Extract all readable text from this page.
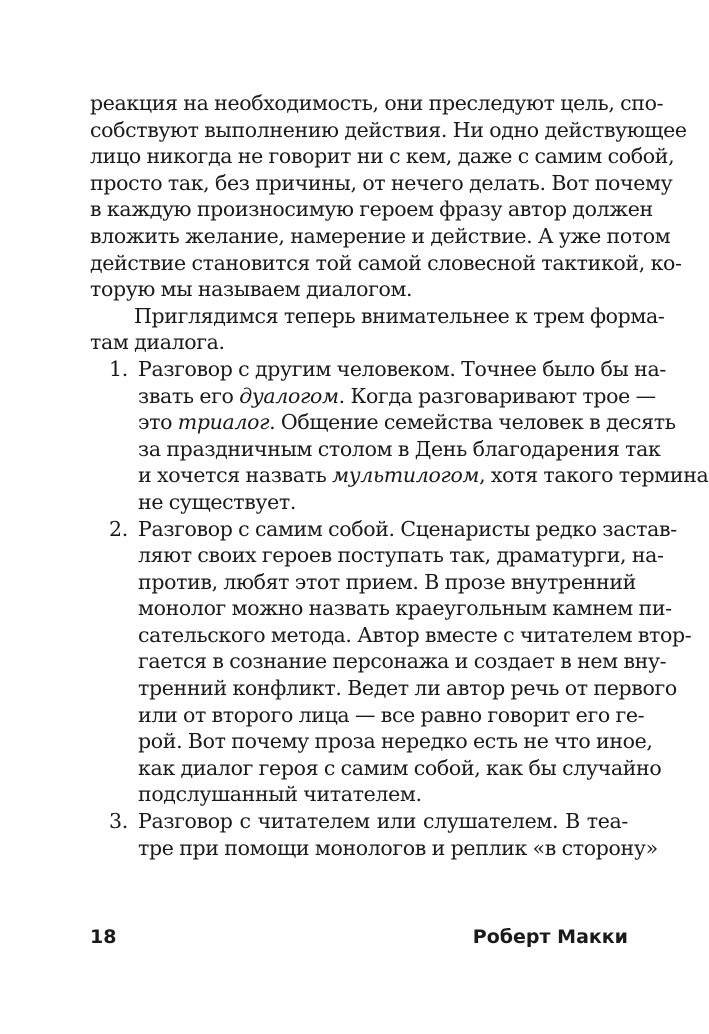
реакция на необходимость, они преследуют цель, спо-
собствуют выполнению действия. Ни одно действующее
лицо никогда не говорит ни с кем, даже с самим собой,
просто так, без причины, от нечего делать. Вот почему
в каждую произносимую героем фразу автор должен
вложить желание, намерение и действие. А уже потом
действие становится той самой словесной тактикой, ко-
торую мы называем диалогом.
Приглядимся теперь внимательнее к трем форма-
там диалога.
1. Разговор с другим человеком. Точнее было бы на-
звать его дуалогом. Когда разговаривают трое —
это триалог. Общение семейства человек в десять
за праздничным столом в День благодарения так
и хочется назвать мультилогом, хотя такого термина
не существует.
2. Разговор с самим собой. Сценаристы редко застав-
ляют своих героев поступать так, драматурги, на-
против, любят этот прием. В прозе внутренний
монолог можно назвать краеугольным камнем пи-
сательского метода. Автор вместе с читателем втор-
гается в сознание персонажа и создает в нем вну-
тренний конфликт. Ведет ли автор речь от первого
или от второго лица — все равно говорит его ге-
рой. Вот почему проза нередко есть не что иное,
как диалог героя с самим собой, как бы случайно
подслушанный читателем.
3. Разговор с читателем или слушателем. В теа-
тре при помощи монологов и реплик «в сторону»
18	Роберт Макки
